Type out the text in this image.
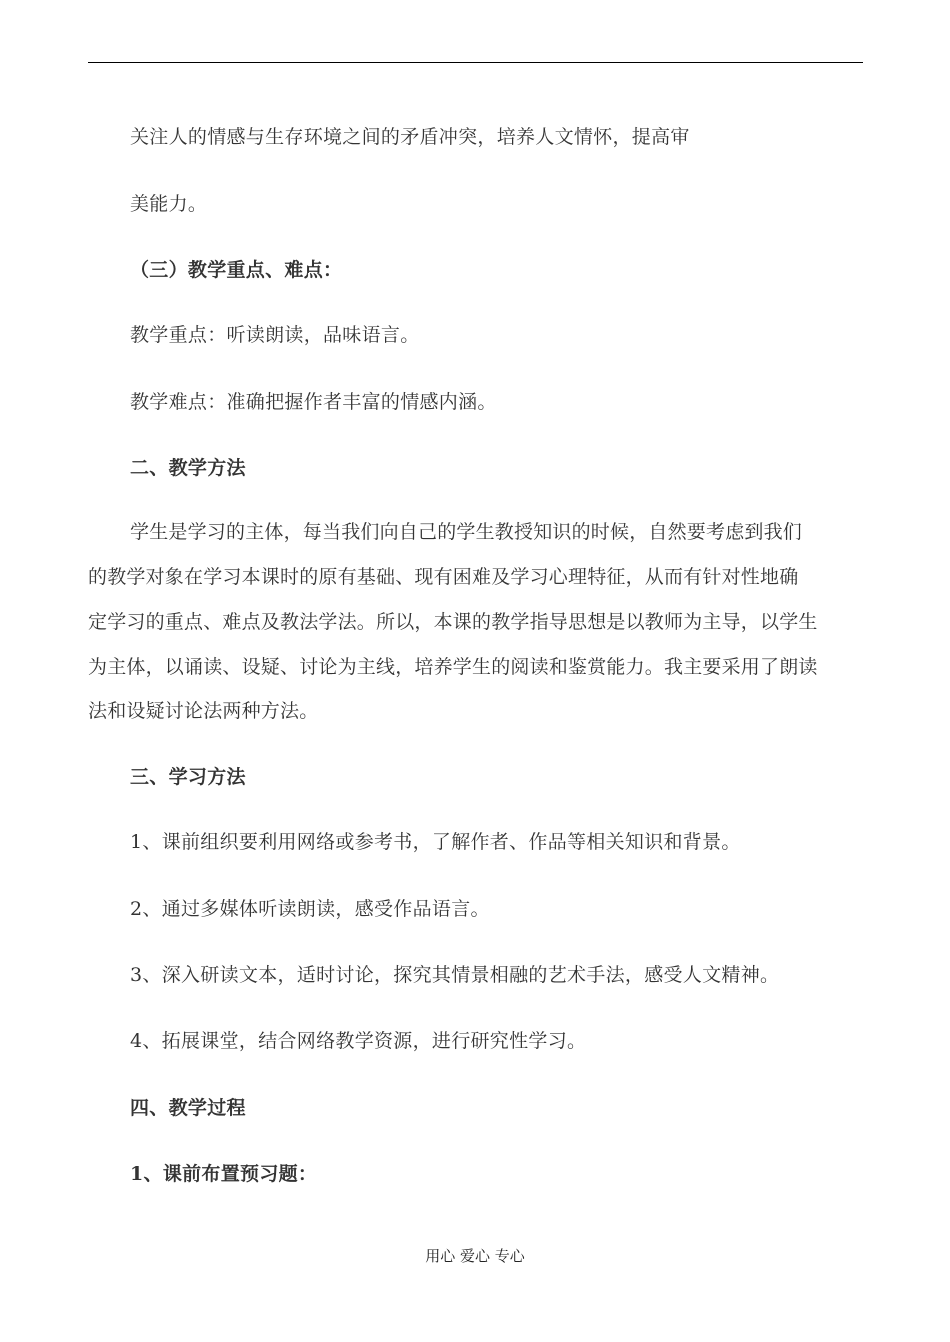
关注人的情感与生存环境之间的矛盾冲突，培养人文情怀，提高审
美能力。
（三）教学重点、难点：
教学重点：听读朗读，品味语言。
教学难点：准确把握作者丰富的情感内涵。
二、教学方法
学生是学习的主体，每当我们向自己的学生教授知识的时候，自然要考虑到我们
的教学对象在学习本课时的原有基础、现有困难及学习心理特征，从而有针对性地确
定学习的重点、难点及教法学法。所以，本课的教学指导思想是以教师为主导，以学生
为主体，以诵读、设疑、讨论为主线，培养学生的阅读和鉴赏能力。我主要采用了朗读
法和设疑讨论法两种方法。
三、学习方法
1、课前组织要利用网络或参考书，了解作者、作品等相关知识和背景。
2、通过多媒体听读朗读，感受作品语言。
3、深入研读文本，适时讨论，探究其情景相融的艺术手法，感受人文精神。
4、拓展课堂，结合网络教学资源，进行研究性学习。
四、教学过程
1、课前布置预习题：
用心 爱心 专心
